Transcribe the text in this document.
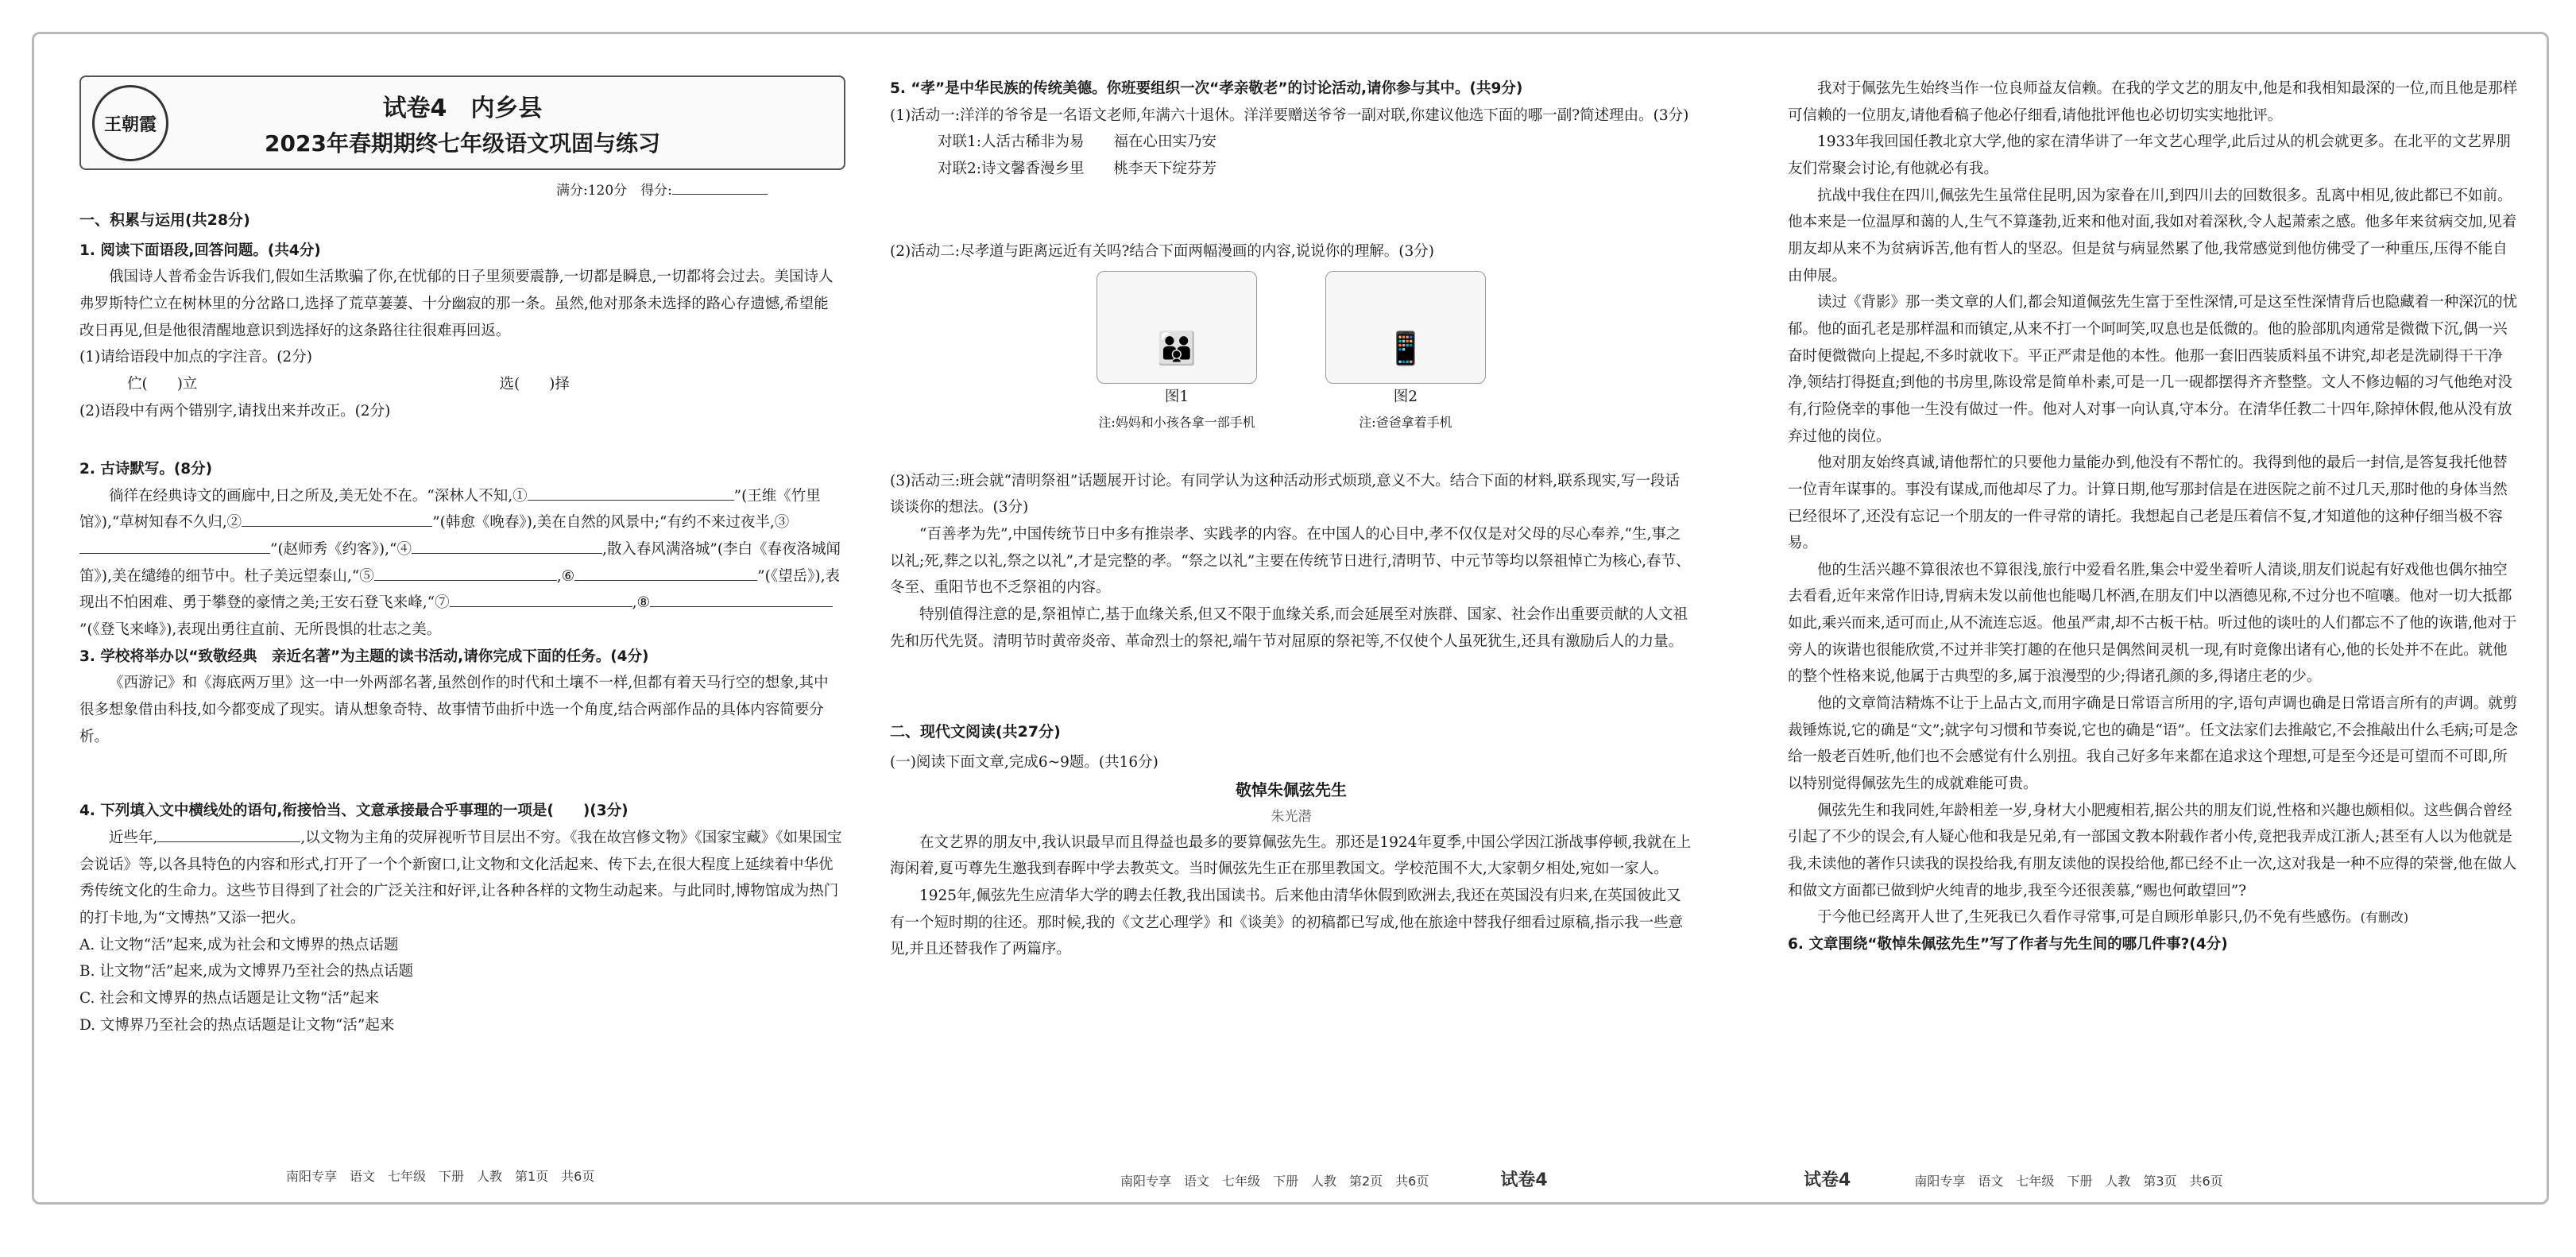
王朝霞
试卷4　内乡县
2023年春期期终七年级语文巩固与练习
满分:120分　得分:
一、积累与运用(共28分)

1. 阅读下面语段,回答问题。(共4分)

俄国诗人普希金告诉我们,假如生活欺骗了你,在忧郁的日子里须要震静,一切都是瞬息,一切都将会过去。美国诗人弗罗斯特伫立在树林里的分岔路口,选择了荒草萋萋、十分幽寂的那一条。虽然,他对那条未选择的路心存遗憾,希望能改日再见,但是他很清醒地意识到选择好的这条路往往很难再回返。

(1)请给语段中加点的字注音。(2分)

伫(　　)立	选(　　)择

(2)语段中有两个错别字,请找出来并改正。(2分)

2. 古诗默写。(8分)

徜徉在经典诗文的画廊中,日之所及,美无处不在。“深林人不知,①	”(王维《竹里馆》),“草树知春不久归,②	”(韩愈《晚春》),美在自然的风景中;“有约不来过夜半,③”(赵师秀《约客》),“④	,散入春风满洛城”(李白《春夜洛城闻笛》),美在缱绻的细节中。杜子美远望泰山,“⑤	,⑥	”(《望岳》),表现出不怕困难、勇于攀登的豪情之美;王安石登飞来峰,“⑦	,⑧”(《登飞来峰》),表现出勇往直前、无所畏惧的壮志之美。

3. 学校将举办以“致敬经典　亲近名著”为主题的读书活动,请你完成下面的任务。(4分)

《西游记》和《海底两万里》这一中一外两部名著,虽然创作的时代和土壤不一样,但都有着天马行空的想象,其中很多想象借由科技,如今都变成了现实。请从想象奇特、故事情节曲折中选一个角度,结合两部作品的具体内容简要分析。

4. 下列填入文中横线处的语句,衔接恰当、文意承接最合乎事理的一项是(　　)(3分)

近些年,	,以文物为主角的荧屏视听节目层出不穷。《我在故宫修文物》《国家宝藏》《如果国宝会说话》等,以各具特色的内容和形式,打开了一个个新窗口,让文物和文化活起来、传下去,在很大程度上延续着中华优秀传统文化的生命力。这些节目得到了社会的广泛关注和好评,让各种各样的文物生动起来。与此同时,博物馆成为热门的打卡地,为“文博热”又添一把火。

A. 让文物“活”起来,成为社会和文博界的热点话题

B. 让文物“活”起来,成为文博界乃至社会的热点话题

C. 社会和文博界的热点话题是让文物“活”起来

D. 文博界乃至社会的热点话题是让文物“活”起来

南阳专享　语文　七年级　下册　人教　第1页　共6页

5. “孝”是中华民族的传统美德。你班要组织一次“孝亲敬老”的讨论活动,请你参与其中。(共9分)

(1)活动一:洋洋的爷爷是一名语文老师,年满六十退休。洋洋要赠送爷爷一副对联,你建议他选下面的哪一副?简述理由。(3分)

对联1:人活古稀非为易　　福在心田实乃安

对联2:诗文馨香漫乡里　　桃李天下绽芬芳

(2)活动二:尽孝道与距离远近有关吗?结合下面两幅漫画的内容,说说你的理解。(3分)

👪
图1
注:妈妈和小孩各拿一部手机

📱
图2
注:爸爸拿着手机

(3)活动三:班会就“清明祭祖”话题展开讨论。有同学认为这种活动形式烦琐,意义不大。结合下面的材料,联系现实,写一段话谈谈你的想法。(3分)

“百善孝为先”,中国传统节日中多有推崇孝、实践孝的内容。在中国人的心目中,孝不仅仅是对父母的尽心奉养,“生,事之以礼;死,葬之以礼,祭之以礼”,才是完整的孝。“祭之以礼”主要在传统节日进行,清明节、中元节等均以祭祖悼亡为核心,春节、冬至、重阳节也不乏祭祖的内容。

特别值得注意的是,祭祖悼亡,基于血缘关系,但又不限于血缘关系,而会延展至对族群、国家、社会作出重要贡献的人文祖先和历代先贤。清明节时黄帝炎帝、革命烈士的祭祀,端午节对屈原的祭祀等,不仅使个人虽死犹生,还具有激励后人的力量。

二、现代文阅读(共27分)

(一)阅读下面文章,完成6~9题。(共16分)

敬悼朱佩弦先生

朱光潜

在文艺界的朋友中,我认识最早而且得益也最多的要算佩弦先生。那还是1924年夏季,中国公学因江浙战事停顿,我就在上海闲着,夏丏尊先生邀我到春晖中学去教英文。当时佩弦先生正在那里教国文。学校范围不大,大家朝夕相处,宛如一家人。

1925年,佩弦先生应清华大学的聘去任教,我出国读书。后来他由清华休假到欧洲去,我还在英国没有归来,在英国彼此又有一个短时期的往还。那时候,我的《文艺心理学》和《谈美》的初稿都已写成,他在旅途中替我仔细看过原稿,指示我一些意见,并且还替我作了两篇序。

南阳专享　语文　七年级　下册　人教　第2页　共6页	试卷4

我对于佩弦先生始终当作一位良师益友信赖。在我的学文艺的朋友中,他是和我相知最深的一位,而且他是那样可信赖的一位朋友,请他看稿子他必仔细看,请他批评他也必切切实实地批评。

1933年我回国任教北京大学,他的家在清华讲了一年文艺心理学,此后过从的机会就更多。在北平的文艺界朋友们常聚会讨论,有他就必有我。

抗战中我住在四川,佩弦先生虽常住昆明,因为家眷在川,到四川去的回数很多。乱离中相见,彼此都已不如前。他本来是一位温厚和蔼的人,生气不算蓬勃,近来和他对面,我如对着深秋,令人起萧索之感。他多年来贫病交加,见着朋友却从来不为贫病诉苦,他有哲人的坚忍。但是贫与病显然累了他,我常感觉到他仿佛受了一种重压,压得不能自由伸展。

读过《背影》那一类文章的人们,都会知道佩弦先生富于至性深情,可是这至性深情背后也隐藏着一种深沉的忧郁。他的面孔老是那样温和而镇定,从来不打一个呵呵笑,叹息也是低微的。他的脸部肌肉通常是微微下沉,偶一兴奋时便微微向上提起,不多时就收下。平正严肃是他的本性。他那一套旧西装质料虽不讲究,却老是洗刷得干干净净,领结打得挺直;到他的书房里,陈设常是简单朴素,可是一几一砚都摆得齐齐整整。文人不修边幅的习气他绝对没有,行险侥幸的事他一生没有做过一件。他对人对事一向认真,守本分。在清华任教二十四年,除掉休假,他从没有放弃过他的岗位。

他对朋友始终真诚,请他帮忙的只要他力量能办到,他没有不帮忙的。我得到他的最后一封信,是答复我托他替一位青年谋事的。事没有谋成,而他却尽了力。计算日期,他写那封信是在进医院之前不过几天,那时他的身体当然已经很坏了,还没有忘记一个朋友的一件寻常的请托。我想起自己老是压着信不复,才知道他的这种仔细当极不容易。

他的生活兴趣不算很浓也不算很浅,旅行中爱看名胜,集会中爱坐着听人清谈,朋友们说起有好戏他也偶尔抽空去看看,近年来常作旧诗,胃病未发以前他也能喝几杯酒,在朋友们中以酒德见称,不过分也不喧嚷。他对一切大抵都如此,乘兴而来,适可而止,从不流连忘返。他虽严肃,却不古板干枯。听过他的谈吐的人们都忘不了他的诙谐,他对于旁人的诙谐也很能欣赏,不过并非笑打趣的在他只是偶然间灵机一现,有时竟像出诸有心,他的长处并不在此。就他的整个性格来说,他属于古典型的多,属于浪漫型的少;得诸孔颜的多,得诸庄老的少。

他的文章简洁精炼不让于上品古文,而用字确是日常语言所用的字,语句声调也确是日常语言所有的声调。就剪裁锤炼说,它的确是“文”;就字句习惯和节奏说,它也的确是“语”。任文法家们去推敲它,不会推敲出什么毛病;可是念给一般老百姓听,他们也不会感觉有什么别扭。我自己好多年来都在追求这个理想,可是至今还是可望而不可即,所以特别觉得佩弦先生的成就难能可贵。

佩弦先生和我同姓,年龄相差一岁,身材大小肥瘦相若,据公共的朋友们说,性格和兴趣也颇相似。这些偶合曾经引起了不少的误会,有人疑心他和我是兄弟,有一部国文教本附载作者小传,竟把我弄成江浙人;甚至有人以为他就是我,未读他的著作只读我的误投给我,有朋友读他的误投给他,都已经不止一次,这对我是一种不应得的荣誉,他在做人和做文方面都已做到炉火纯青的地步,我至今还很羡慕,“赐也何敢望回”?

于今他已经离开人世了,生死我已久看作寻常事,可是自顾形单影只,仍不免有些感伤。(有删改)

6. 文章围绕“敬悼朱佩弦先生”写了作者与先生间的哪几件事?(4分)

试卷4	南阳专享　语文　七年级　下册　人教　第3页　共6页
